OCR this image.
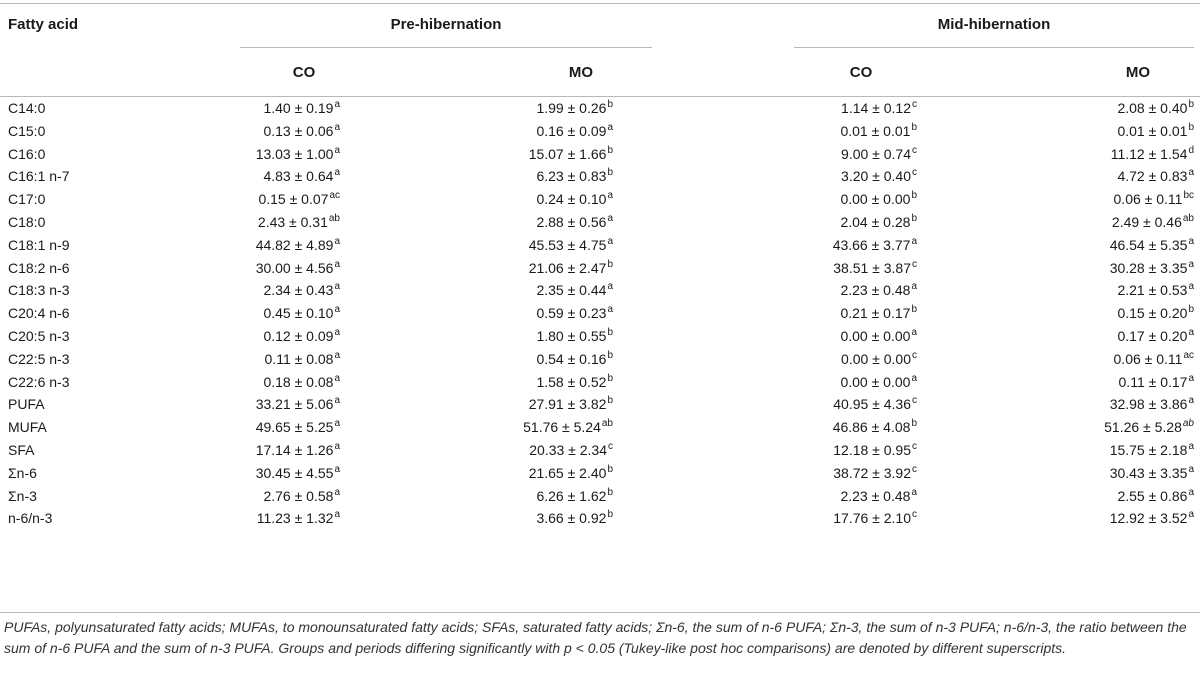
Fatty acid	Pre-hibernation	Mid-hibernation
CO	MO	CO	MO
C14:0	1.40 ± 0.19$^a$	1.99 ± 0.26$^b$	1.14 ± 0.12$^c$	2.08 ± 0.40$^b$
C15:0	0.13 ± 0.06$^a$	0.16 ± 0.09$^a$	0.01 ± 0.01$^b$	0.01 ± 0.01$^b$
C16:0	13.03 ± 1.00$^a$	15.07 ± 1.66$^b$	9.00 ± 0.74$^c$	11.12 ± 1.54$^d$
C16:1 n-7	4.83 ± 0.64$^a$	6.23 ± 0.83$^b$	3.20 ± 0.40$^c$	4.72 ± 0.83$^a$
C17:0	0.15 ± 0.07$^{ac}$	0.24 ± 0.10$^a$	0.00 ± 0.00$^b$	0.06 ± 0.11$^{bc}$
C18:0	2.43 ± 0.31$^{ab}$	2.88 ± 0.56$^a$	2.04 ± 0.28$^b$	2.49 ± 0.46$^{ab}$
C18:1 n-9	44.82 ± 4.89$^a$	45.53 ± 4.75$^a$	43.66 ± 3.77$^a$	46.54 ± 5.35$^a$
C18:2 n-6	30.00 ± 4.56$^a$	21.06 ± 2.47$^b$	38.51 ± 3.87$^c$	30.28 ± 3.35$^a$
C18:3 n-3	2.34 ± 0.43$^a$	2.35 ± 0.44$^a$	2.23 ± 0.48$^a$	2.21 ± 0.53$^a$
C20:4 n-6	0.45 ± 0.10$^a$	0.59 ± 0.23$^a$	0.21 ± 0.17$^b$	0.15 ± 0.20$^b$
C20:5 n-3	0.12 ± 0.09$^a$	1.80 ± 0.55$^b$	0.00 ± 0.00$^a$	0.17 ± 0.20$^a$
C22:5 n-3	0.11 ± 0.08$^a$	0.54 ± 0.16$^b$	0.00 ± 0.00$^c$	0.06 ± 0.11$^{ac}$
C22:6 n-3	0.18 ± 0.08$^a$	1.58 ± 0.52$^b$	0.00 ± 0.00$^a$	0.11 ± 0.17$^a$
PUFA	33.21 ± 5.06$^a$	27.91 ± 3.82$^b$	40.95 ± 4.36$^c$	32.98 ± 3.86$^a$
MUFA	49.65 ± 5.25$^a$	51.76 ± 5.24$^{ab}$	46.86 ± 4.08$^b$	51.26 ± 5.28$^{ab}$
SFA	17.14 ± 1.26$^a$	20.33 ± 2.34$^c$	12.18 ± 0.95$^c$	15.75 ± 2.18$^a$
Σn-6	30.45 ± 4.55$^a$	21.65 ± 2.40$^b$	38.72 ± 3.92$^c$	30.43 ± 3.35$^a$
Σn-3	2.76 ± 0.58$^a$	6.26 ± 1.62$^b$	2.23 ± 0.48$^a$	2.55 ± 0.86$^a$
n-6/n-3	11.23 ± 1.32$^a$	3.66 ± 0.92$^b$	17.76 ± 2.10$^c$	12.92 ± 3.52$^a$
PUFAs, polyunsaturated fatty acids; MUFAs, to monounsaturated fatty acids; SFAs, saturated fatty acids; Σn-6, the sum of n-6 PUFA; Σn-3, the sum of n-3 PUFA; n-6/n-3, the ratio between the sum of n-6 PUFA and the sum of n-3 PUFA. Groups and periods differing significantly with p < 0.05 (Tukey-like post hoc comparisons) are denoted by different superscripts.
